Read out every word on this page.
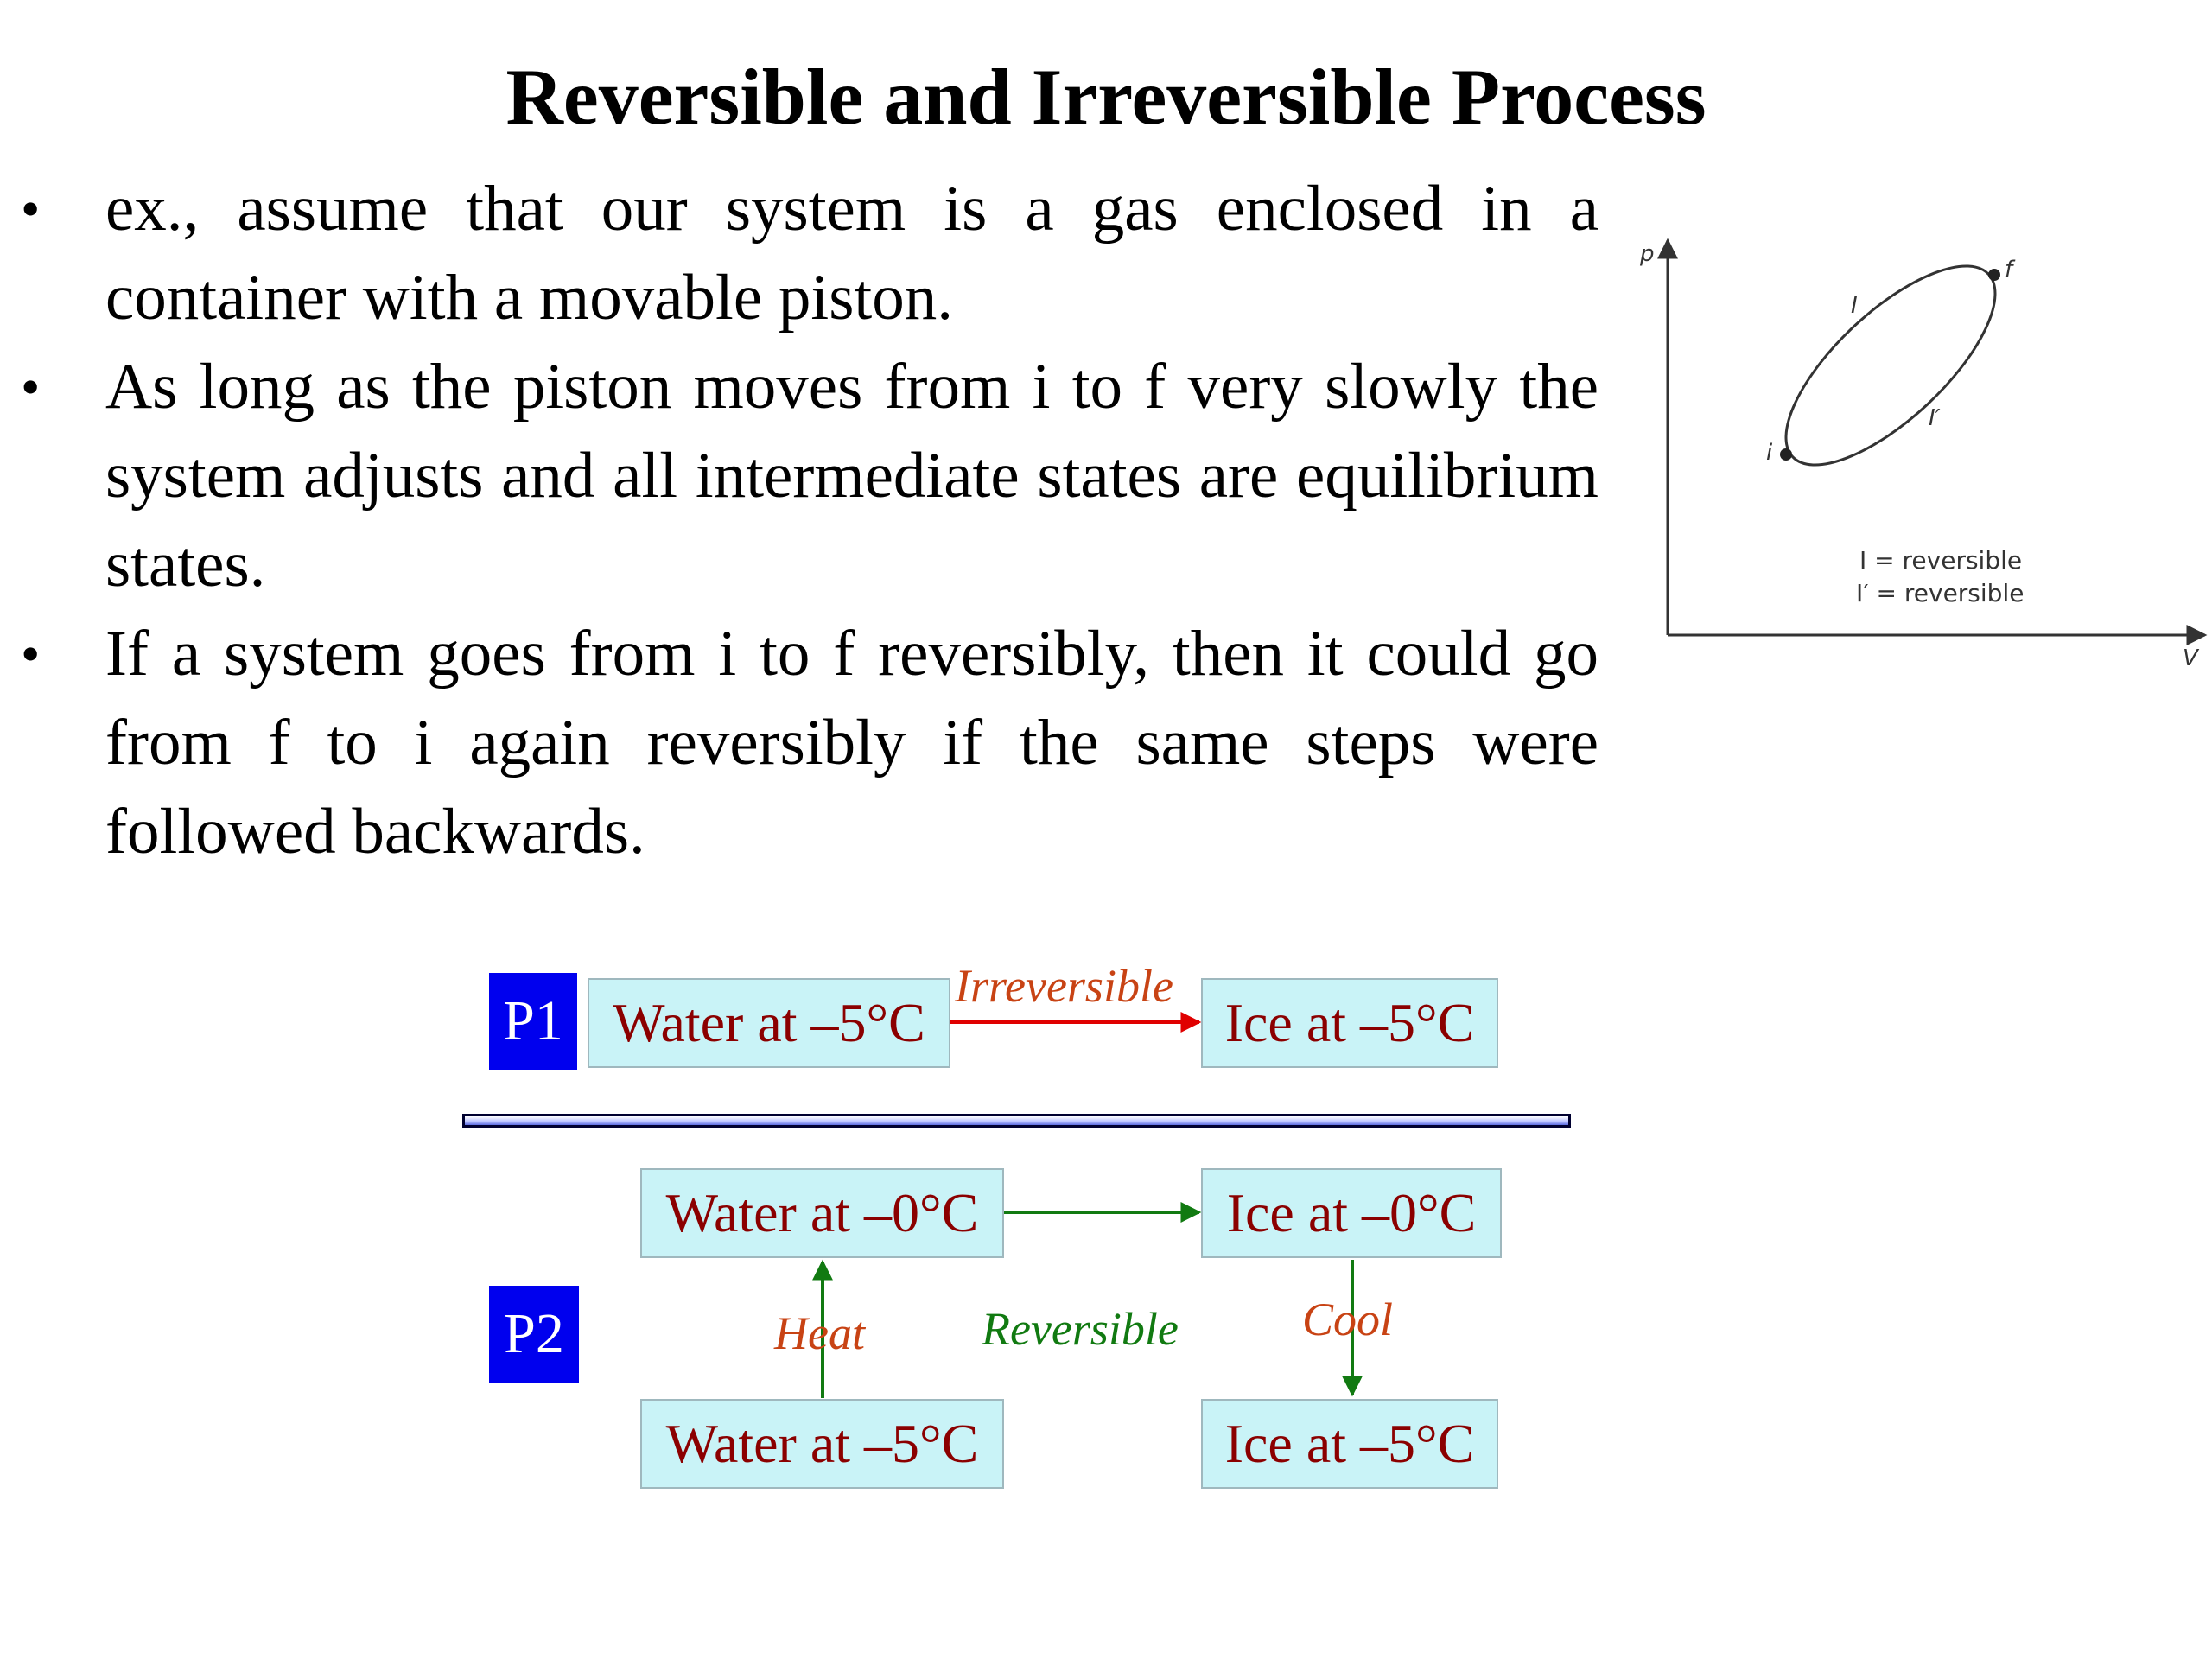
Reversible and Irreversible Process
• ex., assume that our system is a gas enclosed in a container with a movable piston.
• As long as the piston moves from i to f very slowly the system adjusts and all intermediate states are equilibrium states.
• If a system goes from i to f reversibly, then it could go from f to i again reversibly if the same steps were followed backwards.
p
V
i
f
I
I′
I = reversible
I′ = reversible
P1 Water at –5°C
Irreversible
Ice at –5°C
Water at –0°C	Ice at –0°C
P2	Heat	Reversible	Cool
Water at –5°C	Ice at –5°C
